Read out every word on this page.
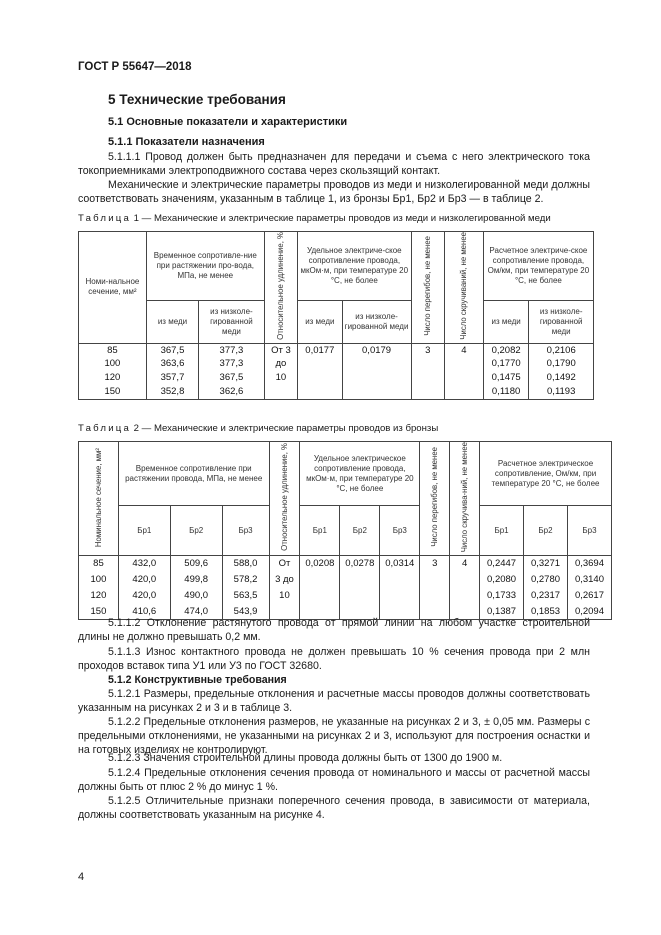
ГОСТ Р 55647—2018
5 Технические требования
5.1 Основные показатели и характеристики
5.1.1 Показатели назначения
5.1.1.1 Провод должен быть предназначен для передачи и съема с него электрического тока токоприемниками электроподвижного состава через скользящий контакт.
Механические и электрические параметры проводов из меди и низколегированной меди должны соответствовать значениям, указанным в таблице 1, из бронзы Бр1, Бр2 и Бр3 — в таблице 2.
Таблица 1 — Механические и электрические параметры проводов из меди и низколегированной меди
Номи-нальное сечение, мм²	Временное сопротивле-ние при растяжении про-вода, МПа, не менее		Относительное удлинение, %	Удельное электриче-ское сопротивление провода, мкОм·м, при температуре 20 °С, не более		Число перегибов, не менее	Число скручиваний, не менее	Расчетное электриче-ское сопротивление провода, Ом/км, при температуре 20 °С, не более	
	из меди	из низколе-гированной меди		из меди	из низколе-гированной меди			из меди	из низколе-гированной меди
85	367,5	377,3	От 3	0,0177	0,0179	3	4	0,2082	0,2106
100	363,6	377,3	до					0,1770	0,1790
120	357,7	367,5	10					0,1475	0,1492
150	352,8	362,6						0,1180	0,1193
Таблица 2 — Механические и электрические параметры проводов из бронзы
Номинальное сечение, мм²	Временное сопротивление при растяжении провода, МПа, не менее			Относительное удлинение, %	Удельное электрическое сопротивление провода, мкОм·м, при температуре 20 °С, не более			Число перегибов, не менее	Число скручива-ний, не менее	Расчетное электрическое сопротивление, Ом/км, при температуре 20 °С, не более		
	Бр1	Бр2	Бр3		Бр1	Бр2	Бр3			Бр1	Бр2	Бр3
85	432,0	509,6	588,0	От	0,0208	0,0278	0,0314	3	4	0,2447	0,3271	0,3694
100	420,0	499,8	578,2	3 до						0,2080	0,2780	0,3140
120	420,0	490,0	563,5	10						0,1733	0,2317	0,2617
150	410,6	474,0	543,9							0,1387	0,1853	0,2094
5.1.1.2 Отклонение растянутого провода от прямой линии на любом участке строительной длины не должно превышать 0,2 мм.
5.1.1.3 Износ контактного провода не должен превышать 10 % сечения провода при 2 млн проходов вставок типа У1 или У3 по ГОСТ 32680.
5.1.2 Конструктивные требования
5.1.2.1 Размеры, предельные отклонения и расчетные массы проводов должны соответствовать указанным на рисунках 2 и 3 и в таблице 3.
5.1.2.2 Предельные отклонения размеров, не указанные на рисунках 2 и 3, ± 0,05 мм. Размеры с предельными отклонениями, не указанными на рисунках 2 и 3, используют для построения оснастки и на готовых изделиях не контролируют.
5.1.2.3 Значения строительной длины провода должны быть от 1300 до 1900 м.
5.1.2.4 Предельные отклонения сечения провода от номинального и массы от расчетной массы должны быть от плюс 2 % до минус 1 %.
5.1.2.5 Отличительные признаки поперечного сечения провода, в зависимости от материала, должны соответствовать указанным на рисунке 4.
4
